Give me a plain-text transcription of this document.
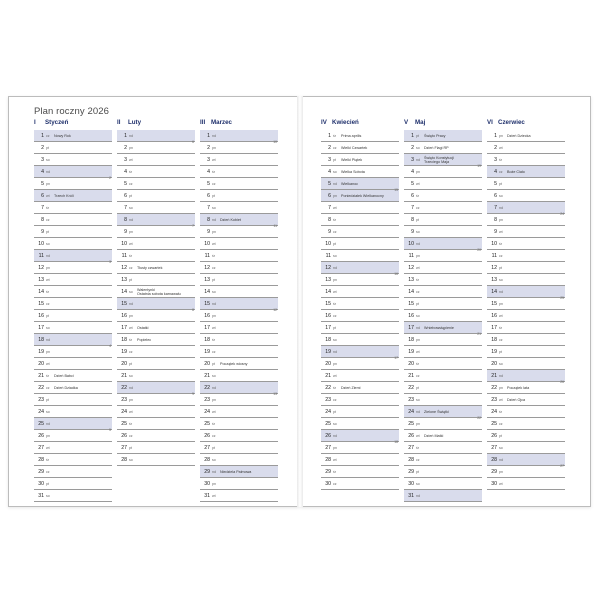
Plan roczny 2026
I Styczeń
1 cz Nowy Rok
2 pt
3 so
4 nd
5 pn
2
6 wt Trzech Króli
7 śr
8 cz
9 pt
10 so
11 nd
12 pn
3
13 wt
14 śr
15 cz
16 pt
17 so
18 nd
19 pn
4
20 wt
21 śr Dzień Babci
22 cz Dzień Dziadka
23 pt
24 so
25 nd
26 pn
5
27 wt
28 śr
29 cz
30 pt
31 so
II Luty
1 nd
2 pn
6
3 wt
4 śr
5 cz
6 pt
7 so
8 nd
9 pn
7
10 wt
11 śr
12 cz Tłusty czwartek
13 pt
14 so
Walentynki
Ostatnia sobota karnawału
15 nd
16 pn
8
17 wt Ostatki
18 śr Popielec
19 cz
20 pt
21 so
22 nd
23 pn
9
24 wt
25 śr
26 cz
27 pt
28 so
III Marzec
1 nd
2 pn
10
3 wt
4 śr
5 cz
6 pt
7 so
8 nd Dzień Kobiet
9 pn
11
10 wt
11 śr
12 cz
13 pt
14 so
15 nd
16 pn
12
17 wt
18 śr
19 cz
20 pt Początek wiosny
21 so
22 nd
23 pn
13
24 wt
25 śr
26 cz
27 pt
28 so
29 nd Niedziela Palmowa
30 pn
31 wt
IV Kwiecień
1 śr Prima aprilis
2 cz Wielki Czwartek
3 pt Wielki Piątek
4 so Wielka Sobota
5 nd Wielkanoc
6 pn Poniedziałek Wielkanocny
15
7 wt
8 śr
9 cz
10 pt
11 so
12 nd
13 pn
16
14 wt
15 śr
16 cz
17 pt
18 so
19 nd
20 pn
17
21 wt
22 śr Dzień Ziemi
23 cz
24 pt
25 so
26 nd
27 pn
18
28 wt
29 śr
30 cz
V Maj
1 pt Święto Pracy
2 so Dzień Flagi RP
3 nd
Święto Konstytucji
Trzeciego Maja
4 pn
19
5 wt
6 śr
7 cz
8 pt
9 so
10 nd
11 pn
20
12 wt
13 śr
14 cz
15 pt
16 so
17 nd Wniebowstąpienie
18 pn
21
19 wt
20 śr
21 cz
22 pt
23 so
24 nd Zielone Świątki
25 pn
22
26 wt Dzień Matki
27 śr
28 cz
29 pt
30 so
31 nd
VI Czerwiec
1 pn Dzień Dziecka
2 wt
3 śr
4 cz Boże Ciało
5 pt
6 so
7 nd
8 pn
24
9 wt
10 śr
11 cz
12 pt
13 so
14 nd
15 pn
25
16 wt
17 śr
18 cz
19 pt
20 so
21 nd
22 pn Początek lata
26
23 wt Dzień Ojca
24 śr
25 cz
26 pt
27 so
28 nd
29 pn
27
30 wt
